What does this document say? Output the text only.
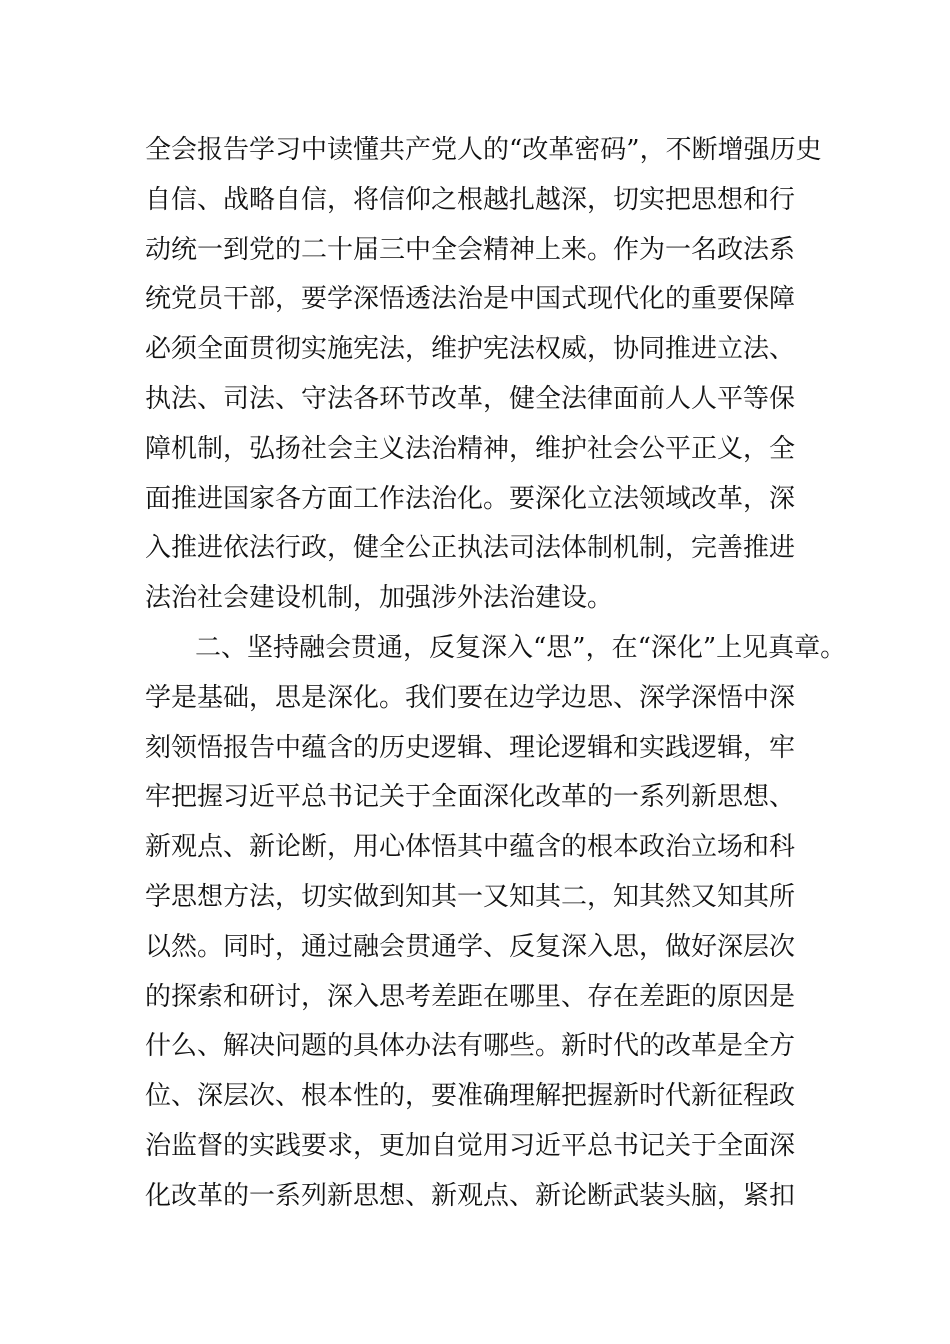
全会报告学习中读懂共产党人的“改革密码”，不断增强历史
自信、战略自信，将信仰之根越扎越深，切实把思想和行
动统一到党的二十届三中全会精神上来。作为一名政法系
统党员干部，要学深悟透法治是中国式现代化的重要保障
必须全面贯彻实施宪法，维护宪法权威，协同推进立法、
执法、司法、守法各环节改革，健全法律面前人人平等保
障机制，弘扬社会主义法治精神，维护社会公平正义，全
面推进国家各方面工作法治化。要深化立法领域改革，深
入推进依法行政，健全公正执法司法体制机制，完善推进
法治社会建设机制，加强涉外法治建设。
二、坚持融会贯通，反复深入“思”，在“深化”上见真章。
学是基础，思是深化。我们要在边学边思、深学深悟中深
刻领悟报告中蕴含的历史逻辑、理论逻辑和实践逻辑，牢
牢把握习近平总书记关于全面深化改革的一系列新思想、
新观点、新论断，用心体悟其中蕴含的根本政治立场和科
学思想方法，切实做到知其一又知其二，知其然又知其所
以然。同时，通过融会贯通学、反复深入思，做好深层次
的探索和研讨，深入思考差距在哪里、存在差距的原因是
什么、解决问题的具体办法有哪些。新时代的改革是全方
位、深层次、根本性的，要准确理解把握新时代新征程政
治监督的实践要求，更加自觉用习近平总书记关于全面深
化改革的一系列新思想、新观点、新论断武装头脑，紧扣
